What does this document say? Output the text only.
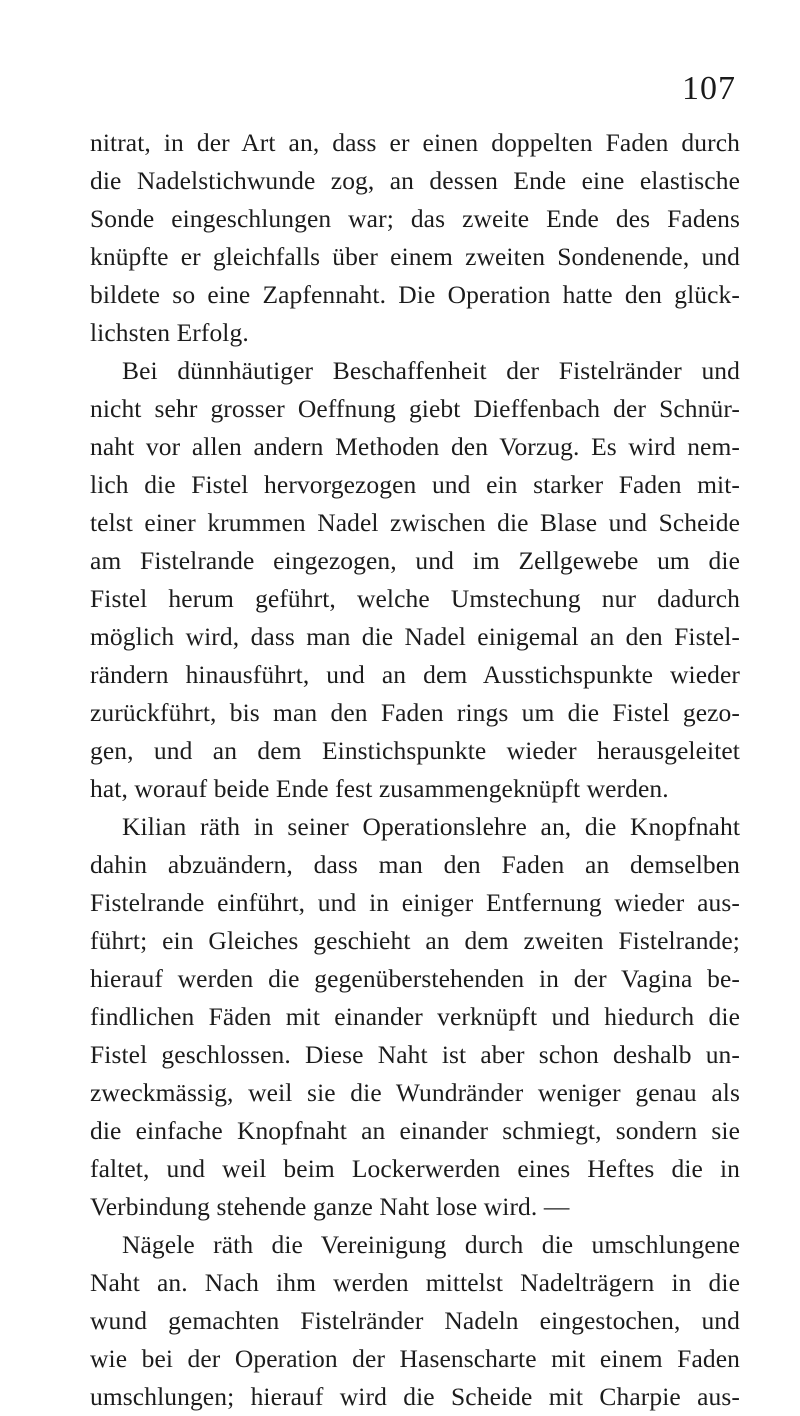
107
nitrat, in der Art an, dass er einen doppelten Faden durch
die Nadelstichwunde zog, an dessen Ende eine elastische
Sonde eingeschlungen war; das zweite Ende des Fadens
knüpfte er gleichfalls über einem zweiten Sondenende, und
bildete so eine Zapfennaht. Die Operation hatte den glück-
lichsten Erfolg.
Bei dünnhäutiger Beschaffenheit der Fistelränder und
nicht sehr grosser Oeffnung giebt Dieffenbach der Schnür-
naht vor allen andern Methoden den Vorzug. Es wird nem-
lich die Fistel hervorgezogen und ein starker Faden mit-
telst einer krummen Nadel zwischen die Blase und Scheide
am Fistelrande eingezogen, und im Zellgewebe um die
Fistel herum geführt, welche Umstechung nur dadurch
möglich wird, dass man die Nadel einigemal an den Fistel-
rändern hinausführt, und an dem Ausstichspunkte wieder
zurückführt, bis man den Faden rings um die Fistel gezo-
gen, und an dem Einstichspunkte wieder herausgeleitet
hat, worauf beide Ende fest zusammengeknüpft werden.
Kilian räth in seiner Operationslehre an, die Knopfnaht
dahin abzuändern, dass man den Faden an demselben
Fistelrande einführt, und in einiger Entfernung wieder aus-
führt; ein Gleiches geschieht an dem zweiten Fistelrande;
hierauf werden die gegenüberstehenden in der Vagina be-
findlichen Fäden mit einander verknüpft und hiedurch die
Fistel geschlossen. Diese Naht ist aber schon deshalb un-
zweckmässig, weil sie die Wundränder weniger genau als
die einfache Knopfnaht an einander schmiegt, sondern sie
faltet, und weil beim Lockerwerden eines Heftes die in
Verbindung stehende ganze Naht lose wird. —
Nägele räth die Vereinigung durch die umschlungene
Naht an. Nach ihm werden mittelst Nadelträgern in die
wund gemachten Fistelränder Nadeln eingestochen, und
wie bei der Operation der Hasenscharte mit einem Faden
umschlungen; hierauf wird die Scheide mit Charpie aus-
